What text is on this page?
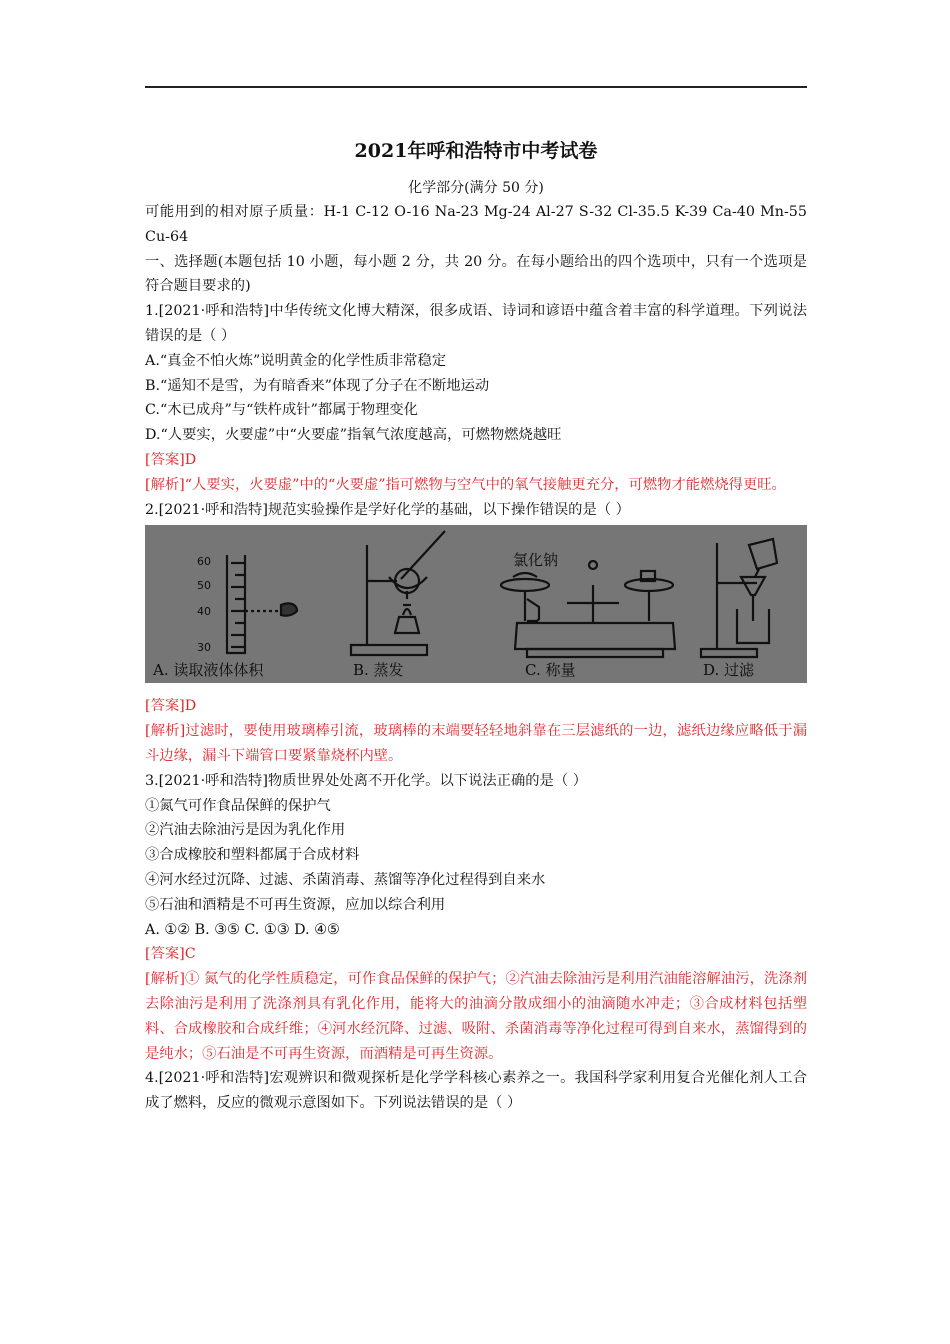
2021年呼和浩特市中考试卷
化学部分(满分 50 分)

可能用到的相对原子质量：H-1 C-12 O-16 Na-23 Mg-24 Al-27 S-32 Cl-35.5 K-39 Ca-40 Mn-55 Cu-64

一、选择题(本题包括 10 小题，每小题 2 分，共 20 分。在每小题给出的四个选项中，只有一个选项是符合题目要求的)

1.[2021·呼和浩特]中华传统文化博大精深，很多成语、诗词和谚语中蕴含着丰富的科学道理。下列说法错误的是（ ）

A.“真金不怕火炼”说明黄金的化学性质非常稳定

B.“遥知不是雪，为有暗香来”体现了分子在不断地运动

C.“木已成舟”与“铁杵成针”都属于物理变化

D.“人要实，火要虚”中“火要虚”指氧气浓度越高，可燃物燃烧越旺

[答案]D

[解析]“人要实，火要虚”中的“火要虚”指可燃物与空气中的氧气接触更充分，可燃物才能燃烧得更旺。

2.[2021·呼和浩特]规范实验操作是学好化学的基础，以下操作错误的是（ ）

60
50
40
30
氯化钠
A. 读取液体体积	B. 蒸发	C. 称量	D. 过滤

[答案]D

[解析]过滤时，要使用玻璃棒引流，玻璃棒的末端要轻轻地斜靠在三层滤纸的一边，滤纸边缘应略低于漏斗边缘，漏斗下端管口要紧靠烧杯内壁。

3.[2021·呼和浩特]物质世界处处离不开化学。以下说法正确的是（ ）

①氮气可作食品保鲜的保护气

②汽油去除油污是因为乳化作用

③合成橡胶和塑料都属于合成材料

④河水经过沉降、过滤、杀菌消毒、蒸馏等净化过程得到自来水

⑤石油和酒精是不可再生资源，应加以综合利用

A. ①② B. ③⑤ C. ①③ D. ④⑤

[答案]C

[解析]① 氮气的化学性质稳定，可作食品保鲜的保护气；②汽油去除油污是利用汽油能溶解油污，洗涤剂去除油污是利用了洗涤剂具有乳化作用，能将大的油滴分散成细小的油滴随水冲走；③合成材料包括塑料、合成橡胶和合成纤维；④河水经沉降、过滤、吸附、杀菌消毒等净化过程可得到自来水，蒸馏得到的是纯水；⑤石油是不可再生资源，而酒精是可再生资源。

4.[2021·呼和浩特]宏观辨识和微观探析是化学学科核心素养之一。我国科学家利用复合光催化剂人工合成了燃料，反应的微观示意图如下。下列说法错误的是（ ）
